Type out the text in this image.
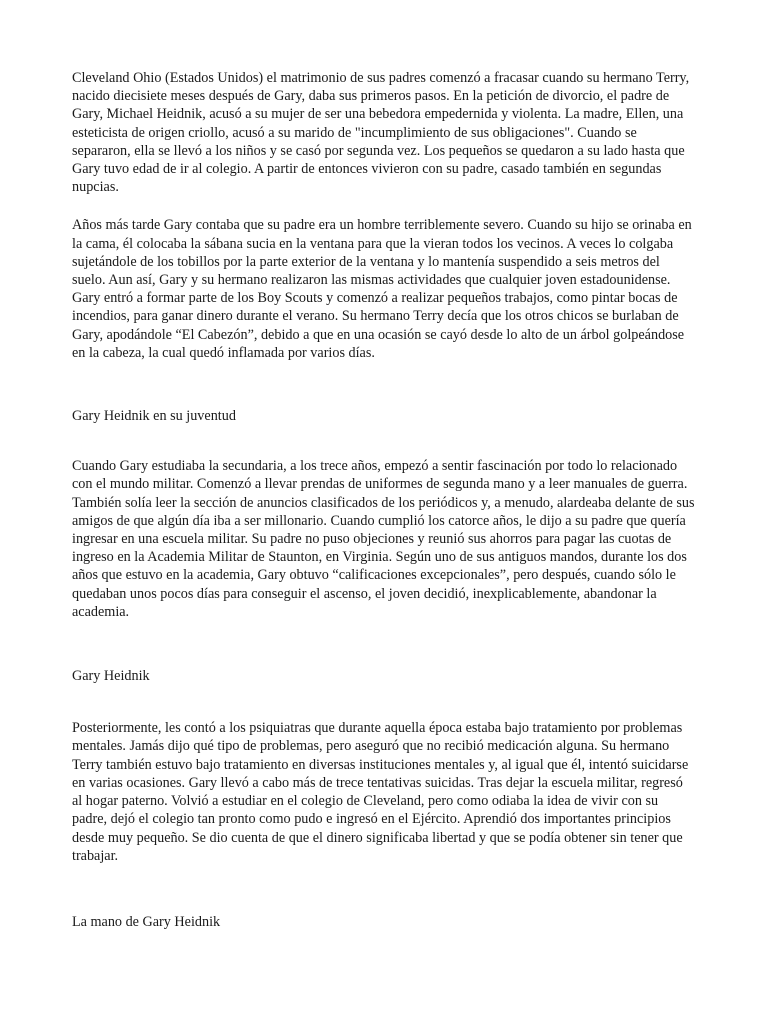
Cleveland Ohio (Estados Unidos) el matrimonio de sus padres comenzó a fracasar cuando su hermano Terry, nacido diecisiete meses después de Gary, daba sus primeros pasos. En la petición de divorcio, el padre de Gary, Michael Heidnik, acusó a su mujer de ser una bebedora empedernida y violenta. La madre, Ellen, una esteticista de origen criollo, acusó a su marido de "incumplimiento de sus obligaciones". Cuando se separaron, ella se llevó a los niños y se casó por segunda vez. Los pequeños se quedaron a su lado hasta que Gary tuvo edad de ir al colegio. A partir de entonces vivieron con su padre, casado también en segundas nupcias.

Años más tarde Gary contaba que su padre era un hombre terriblemente severo. Cuando su hijo se orinaba en la cama, él colocaba la sábana sucia en la ventana para que la vieran todos los vecinos. A veces lo colgaba sujetándole de los tobillos por la parte exterior de la ventana y lo mantenía suspendido a seis metros del suelo. Aun así, Gary y su hermano realizaron las mismas actividades que cualquier joven estadounidense. Gary entró a formar parte de los Boy Scouts y comenzó a realizar pequeños trabajos, como pintar bocas de incendios, para ganar dinero durante el verano. Su hermano Terry decía que los otros chicos se burlaban de Gary, apodándole “El Cabezón”, debido a que en una ocasión se cayó desde lo alto de un árbol golpeándose en la cabeza, la cual quedó inflamada por varios días.

Gary Heidnik en su juventud

Cuando Gary estudiaba la secundaria, a los trece años, empezó a sentir fascinación por todo lo relacionado con el mundo militar. Comenzó a llevar prendas de uniformes de segunda mano y a leer manuales de guerra. También solía leer la sección de anuncios clasificados de los periódicos y, a menudo, alardeaba delante de sus amigos de que algún día iba a ser millonario. Cuando cumplió los catorce años, le dijo a su padre que quería ingresar en una escuela militar. Su padre no puso objeciones y reunió sus ahorros para pagar las cuotas de ingreso en la Academia Militar de Staunton, en Virginia. Según uno de sus antiguos mandos, durante los dos años que estuvo en la academia, Gary obtuvo “calificaciones excepcionales”, pero después, cuando sólo le quedaban unos pocos días para conseguir el ascenso, el joven decidió, inexplicablemente, abandonar la academia.

Gary Heidnik

Posteriormente, les contó a los psiquiatras que durante aquella época estaba bajo tratamiento por problemas mentales. Jamás dijo qué tipo de problemas, pero aseguró que no recibió medicación alguna. Su hermano Terry también estuvo bajo tratamiento en diversas instituciones mentales y, al igual que él, intentó suicidarse en varias ocasiones. Gary llevó a cabo más de trece tentativas suicidas. Tras dejar la escuela militar, regresó al hogar paterno. Volvió a estudiar en el colegio de Cleveland, pero como odiaba la idea de vivir con su padre, dejó el colegio tan pronto como pudo e ingresó en el Ejército. Aprendió dos importantes principios desde muy pequeño. Se dio cuenta de que el dinero significaba libertad y que se podía obtener sin tener que trabajar.

La mano de Gary Heidnik
